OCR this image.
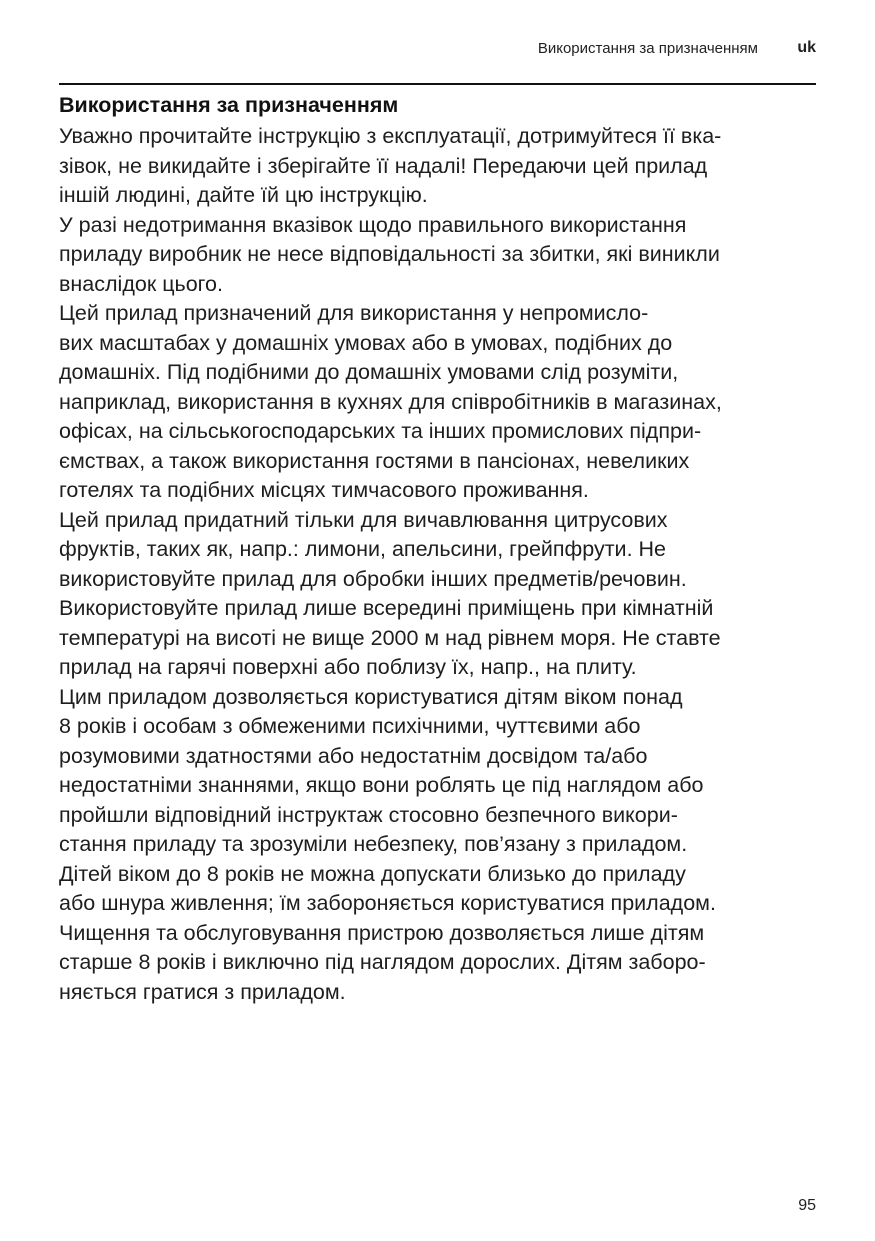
Використання за призначенням uk
Використання за призначенням
Уважно прочитайте інструкцію з експлуатації, дотримуйтеся її вка-
зівок, не викидайте і зберігайте її надалі! Передаючи цей прилад
іншій людині, дайте їй цю інструкцію.
У разі недотримання вказівок щодо правильного використання
приладу виробник не несе відповідальності за збитки, які виникли
внаслідок цього.
Цей прилад призначений для використання у непромисло-
вих масштабах у домашніх умовах або в умовах, подібних до
домашніх. Під подібними до домашніх умовами слід розуміти,
наприклад, використання в кухнях для співробітників в магазинах,
офісах, на сільськогосподарських та інших промислових підпри-
ємствах, а також використання гостями в пансіонах, невеликих
готелях та подібних місцях тимчасового проживання.
Цей прилад придатний тільки для вичавлювання цитрусових
фруктів, таких як, напр.: лимони, апельсини, грейпфрути. Не
використовуйте прилад для обробки інших предметів/речовин.
Використовуйте прилад лише всередині приміщень при кімнатній
температурі на висоті не вище 2000 м над рівнем моря. Не ставте
прилад на гарячі поверхні або поблизу їх, напр., на плиту.
Цим приладом дозволяється користуватися дітям віком понад
8 років і особам з обмеженими психічними, чуттєвими або
розумовими здатностями або недостатнім досвідом та/або
недостатніми знаннями, якщо вони роблять це під наглядом або
пройшли відповідний інструктаж стосовно безпечного викори-
стання приладу та зрозуміли небезпеку, пов’язану з приладом.
Дітей віком до 8 років не можна допускати близько до приладу
або шнура живлення; їм забороняється користуватися приладом.
Чищення та обслуговування пристрою дозволяється лише дітям
старше 8 років і виключно під наглядом дорослих. Дітям заборо-
няється гратися з приладом.
95
